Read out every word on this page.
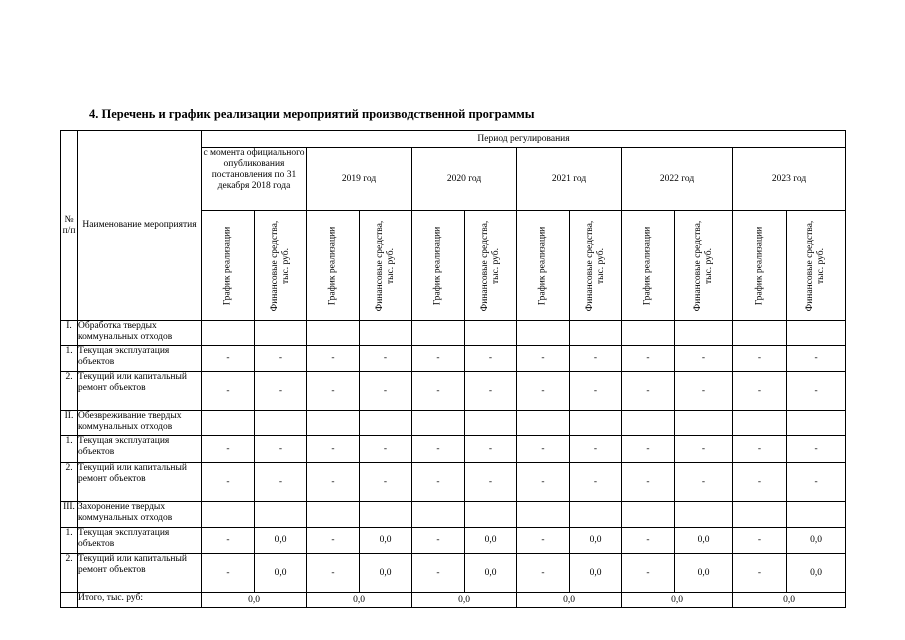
4. Перечень и график реализации мероприятий производственной программы
№ п/п	Наименование мероприятия	Период регулирования											
		с момента официального опубликования постановления по 31 декабря 2018 года		2019 год		2020 год		2021 год		2022 год		2023 год	

		График реализации	Финансовые средства, тыс. руб.	График реализации	Финансовые средства, тыс. руб.	График реализации	Финансовые средства, тыс. руб.	График реализации	Финансовые средства, тыс. руб.	График реализации	Финансовые средства, тыс. руб.	График реализации	Финансовые средства, тыс. руб.

I.	Обработка твердых коммунальных отходов												
1.	Текущая эксплуатация объектов	-	-	-	-	-	-	-	-	-	-	-	-
2.	Текущий или капитальный ремонт объектов	-	-	-	-	-	-	-	-	-	-	-	-
II.	Обезвреживание твердых коммунальных отходов												
1.	Текущая эксплуатация объектов	-	-	-	-	-	-	-	-	-	-	-	-
2.	Текущий или капитальный ремонт объектов	-	-	-	-	-	-	-	-	-	-	-	-
III.	Захоронение твердых коммунальных отходов												
1.	Текущая эксплуатация объектов	-	0,0	-	0,0	-	0,0	-	0,0	-	0,0	-	0,0
2.	Текущий или капитальный ремонт объектов	-	0,0	-	0,0	-	0,0	-	0,0	-	0,0	-	0,0
	Итого, тыс. руб:	0,0		0,0		0,0		0,0		0,0		0,0	
